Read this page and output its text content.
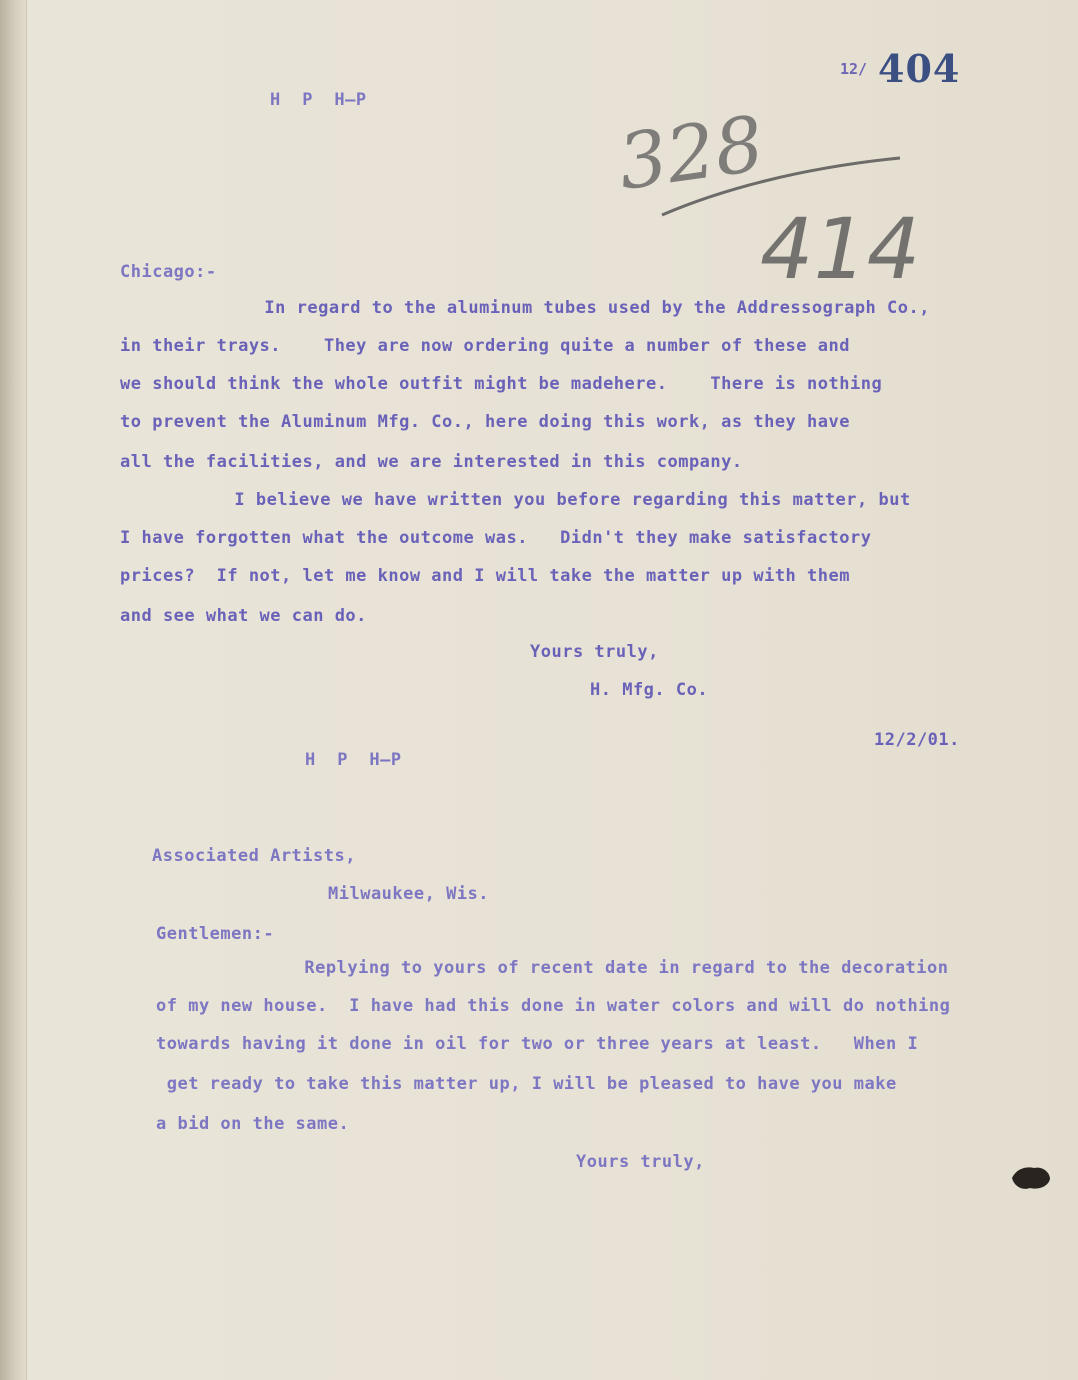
12/ 404
328
414
H  P  H—P
Chicago:-
In regard to the aluminum tubes used by the Addressograph Co.,
in their trays.    They are now ordering quite a number of these and
we should think the whole outfit might be madehere.    There is nothing
to prevent the Aluminum Mfg. Co., here doing this work, as they have
all the facilities, and we are interested in this company.
I believe we have written you before regarding this matter, but
I have forgotten what the outcome was.   Didn't they make satisfactory
prices?  If not, let me know and I will take the matter up with them
and see what we can do.
Yours truly,
H. Mfg. Co.
12/2/01.
H  P  H—P
Associated Artists,
Milwaukee, Wis.
Gentlemen:-
Replying to yours of recent date in regard to the decoration
of my new house.  I have had this done in water colors and will do nothing
towards having it done in oil for two or three years at least.   When I
get ready to take this matter up, I will be pleased to have you make
a bid on the same.
Yours truly,
